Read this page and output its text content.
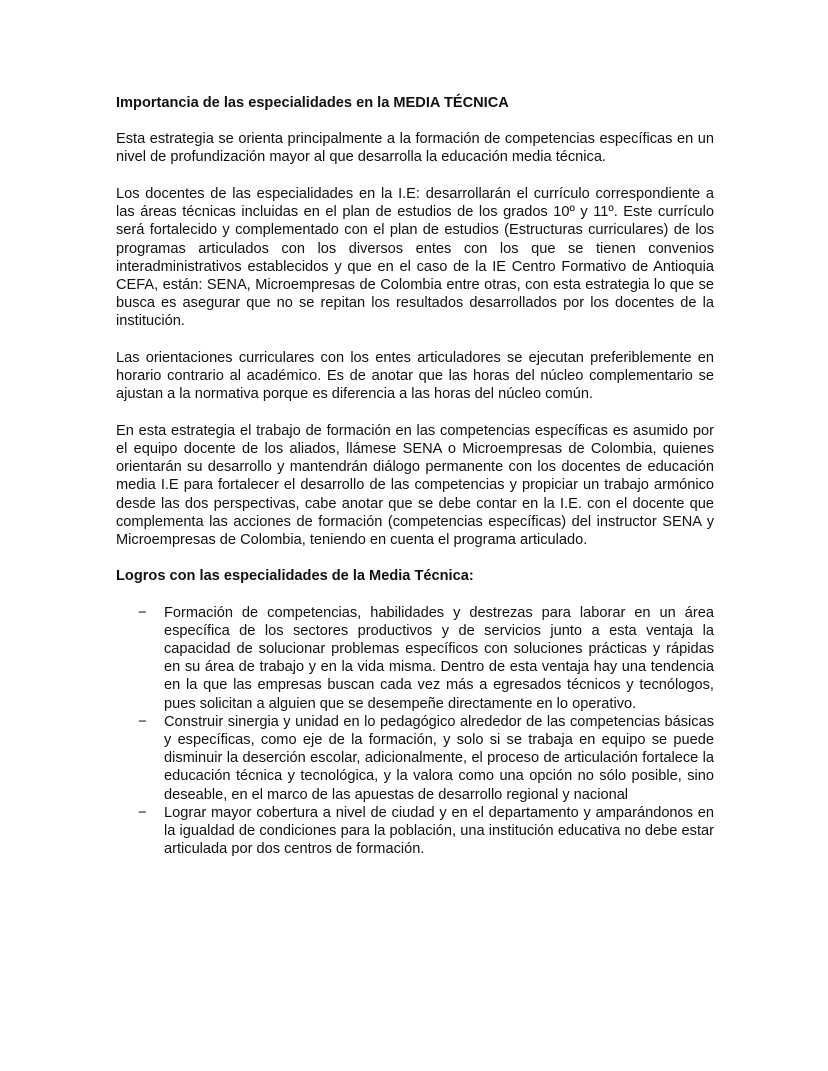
Importancia de las especialidades en la MEDIA TÉCNICA

Esta estrategia se orienta principalmente a la formación de competencias específicas en un nivel de profundización mayor al que desarrolla la educación media técnica.

Los docentes de las especialidades en la I.E: desarrollarán el currículo correspondiente a las áreas técnicas incluidas en el plan de estudios de los grados 10º y 11º. Este currículo será fortalecido y complementado con el plan de estudios (Estructuras curriculares) de los programas articulados con los diversos entes con los que se tienen convenios interadministrativos establecidos y que en el caso de la IE Centro Formativo de Antioquia CEFA, están: SENA, Microempresas de Colombia entre otras, con esta estrategia lo que se busca es asegurar que no se repitan los resultados desarrollados por los docentes de la institución.

Las orientaciones curriculares con los entes articuladores se ejecutan preferiblemente en horario contrario al académico. Es de anotar que las horas del núcleo complementario se ajustan a la normativa porque es diferencia a las horas del núcleo común.

En esta estrategia el trabajo de formación en las competencias específicas es asumido por el equipo docente de los aliados, llámese SENA o Microempresas de Colombia, quienes orientarán su desarrollo y mantendrán diálogo permanente con los docentes de educación media I.E para fortalecer el desarrollo de las competencias y propiciar un trabajo armónico desde las dos perspectivas, cabe anotar que se debe contar en la I.E. con el docente que complementa las acciones de formación (competencias específicas) del instructor SENA y Microempresas de Colombia, teniendo en cuenta el programa articulado.

Logros con las especialidades de la Media Técnica:
− Formación de competencias, habilidades y destrezas para laborar en un área específica de los sectores productivos y de servicios junto a esta ventaja la capacidad de solucionar problemas específicos con soluciones prácticas y rápidas en su área de trabajo y en la vida misma. Dentro de esta ventaja hay una tendencia en la que las empresas buscan cada vez más a egresados técnicos y tecnólogos, pues solicitan a alguien que se desempeñe directamente en lo operativo.
− Construir sinergia y unidad en lo pedagógico alrededor de las competencias básicas y específicas, como eje de la formación, y solo si se trabaja en equipo se puede disminuir la deserción escolar, adicionalmente, el proceso de articulación fortalece la educación técnica y tecnológica, y la valora como una opción no sólo posible, sino deseable, en el marco de las apuestas de desarrollo regional y nacional
− Lograr mayor cobertura a nivel de ciudad y en el departamento y amparándonos en la igualdad de condiciones para la población, una institución educativa no debe estar articulada por dos centros de formación.
